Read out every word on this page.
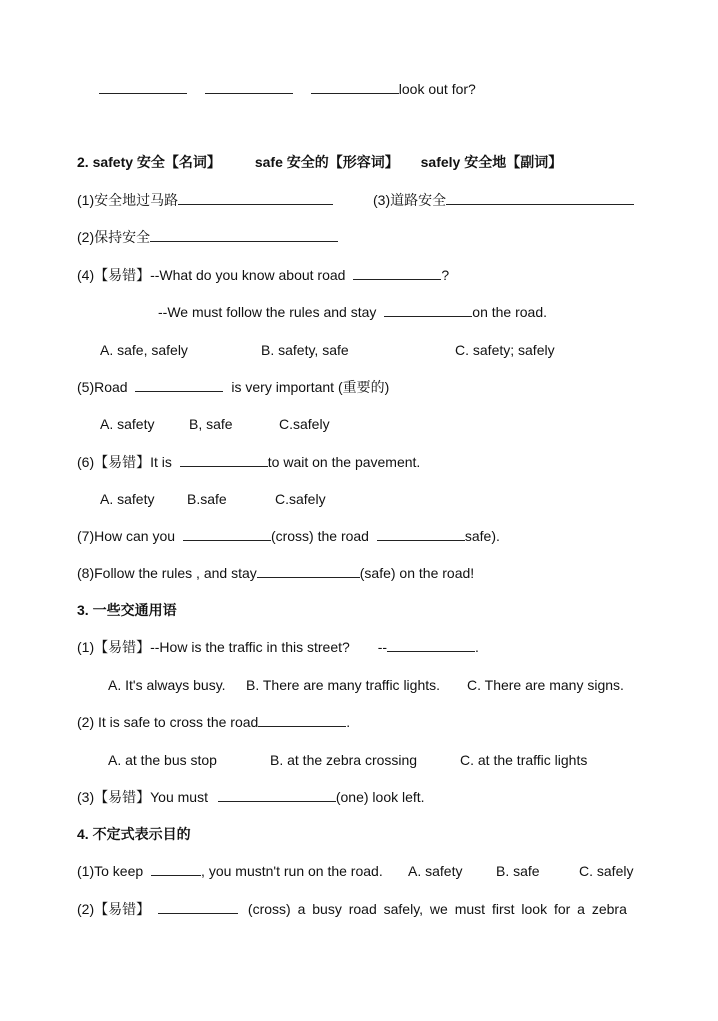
look out for?
2. safety 安全【名词】 safe 安全的【形容词】 safely 安全地【副词】
(1)安全地过马路	(3)道路安全
(2)保持安全
(4)【易错】--What do you know about road	?
--We must follow the rules and stay	on the road.
A. safe, safely	B. safety, safe	C. safety; safely
(5)Road	is very important (重要的)
A. safety B, safe	C.safely
(6)【易错】It is	to wait on the pavement.
A. safety B.safe	C.safely
(7)How can you	(cross) the road	safe).
(8)Follow the rules , and stay	(safe) on the road!
3. 一些交通用语
(1)【易错】--How is the traffic in this street? --	.
A. It's always busy. B. There are many traffic lights. C. There are many signs.
(2) It is safe to cross the road	.
A. at the bus stop	B. at the zebra crossing	C. at the traffic lights
(3)【易错】You must	(one) look left.
4. 不定式表示目的
(1)To keep	, you mustn't run on the road. A. safety B. safe	C. safely
(2)【易错】	(cross) a busy road safely, we must first look for a zebra
